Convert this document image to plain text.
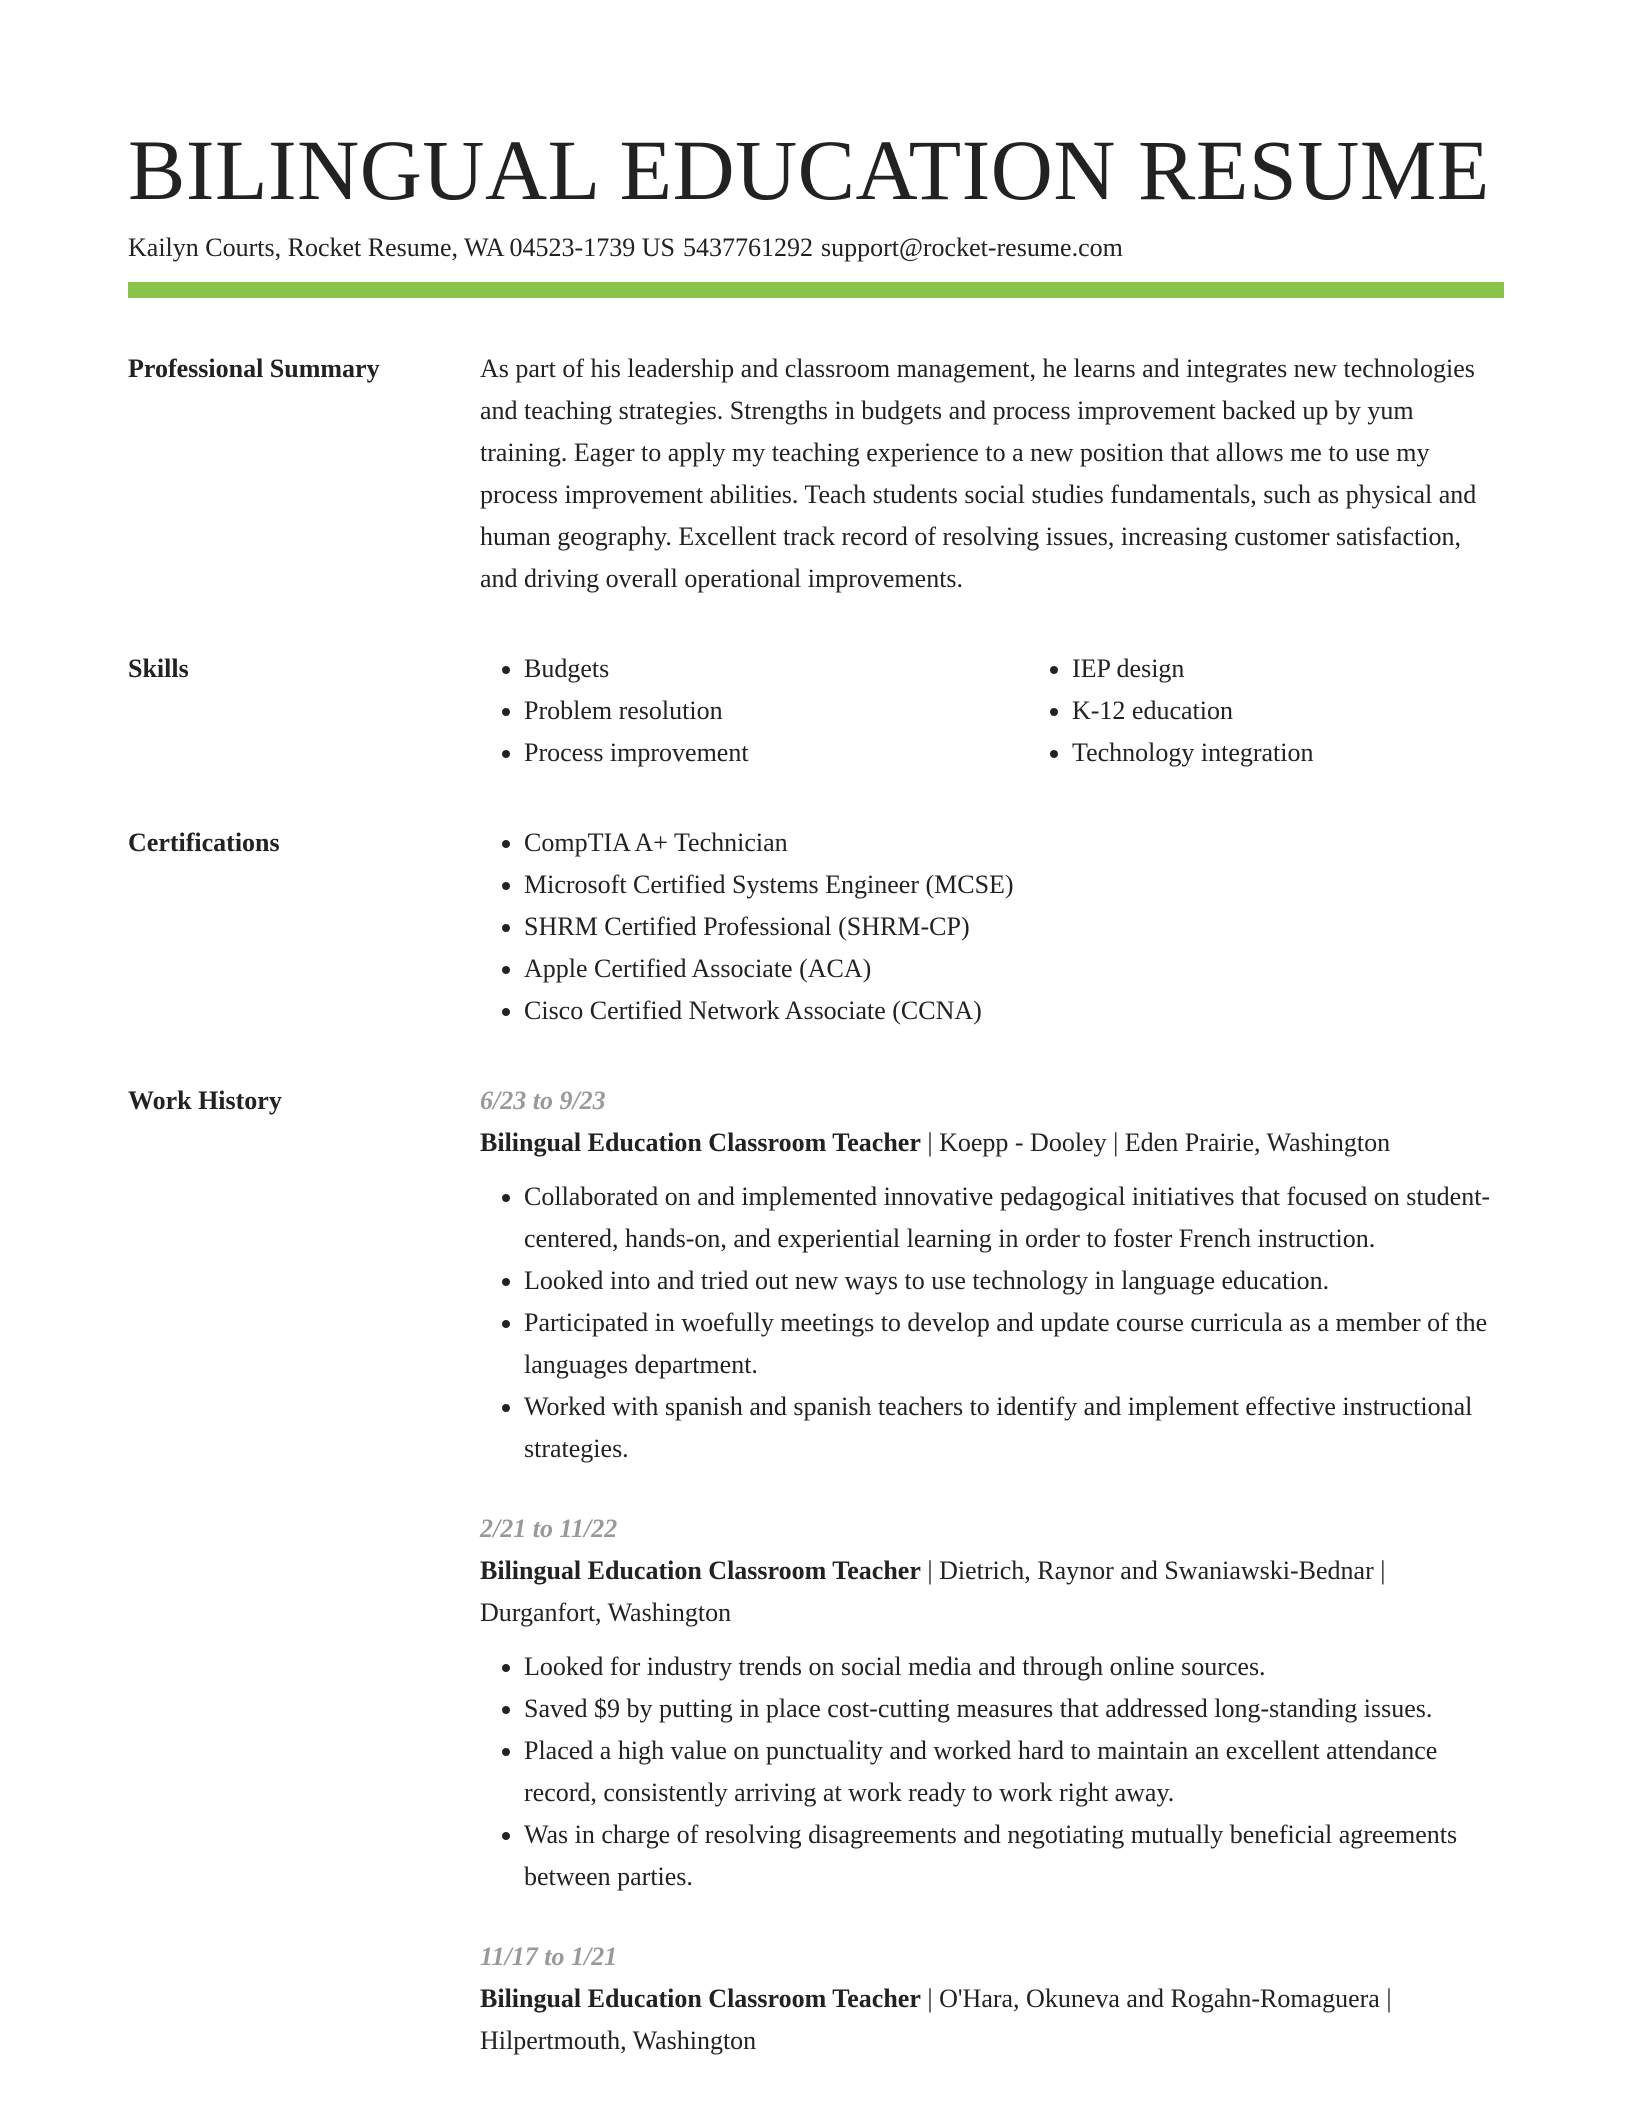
BILINGUAL EDUCATION RESUME
Kailyn Courts, Rocket Resume, WA 04523-1739 US 5437761292 support@rocket-resume.com
Professional Summary	As part of his leadership and classroom management, he learns and integrates new technologies and teaching strategies. Strengths in budgets and process improvement backed up by yum training. Eager to apply my teaching experience to a new position that allows me to use my process improvement abilities. Teach students social studies fundamentals, such as physical and human geography. Excellent track record of resolving issues, increasing customer satisfaction, and driving overall operational improvements.

Skills	• Budgets
• Problem resolution
• Process improvement
• IEP design
• K-12 education
• Technology integration
Certifications	• CompTIA A+ Technician
• Microsoft Certified Systems Engineer (MCSE)
• SHRM Certified Professional (SHRM-CP)
• Apple Certified Associate (ACA)
• Cisco Certified Network Associate (CCNA)
Work History	6/23 to 9/23
Bilingual Education Classroom Teacher | Koepp - Dooley | Eden Prairie, Washington
• Collaborated on and implemented innovative pedagogical initiatives that focused on student-centered, hands-on, and experiential learning in order to foster French instruction.
• Looked into and tried out new ways to use technology in language education.
• Participated in woefully meetings to develop and update course curricula as a member of the languages department.
• Worked with spanish and spanish teachers to identify and implement effective instructional strategies.
2/21 to 11/22
Bilingual Education Classroom Teacher | Dietrich, Raynor and Swaniawski-Bednar | Durganfort, Washington
• Looked for industry trends on social media and through online sources.
• Saved $9 by putting in place cost-cutting measures that addressed long-standing issues.
• Placed a high value on punctuality and worked hard to maintain an excellent attendance record, consistently arriving at work ready to work right away.
• Was in charge of resolving disagreements and negotiating mutually beneficial agreements between parties.
11/17 to 1/21
Bilingual Education Classroom Teacher | O'Hara, Okuneva and Rogahn-Romaguera | Hilpertmouth, Washington
